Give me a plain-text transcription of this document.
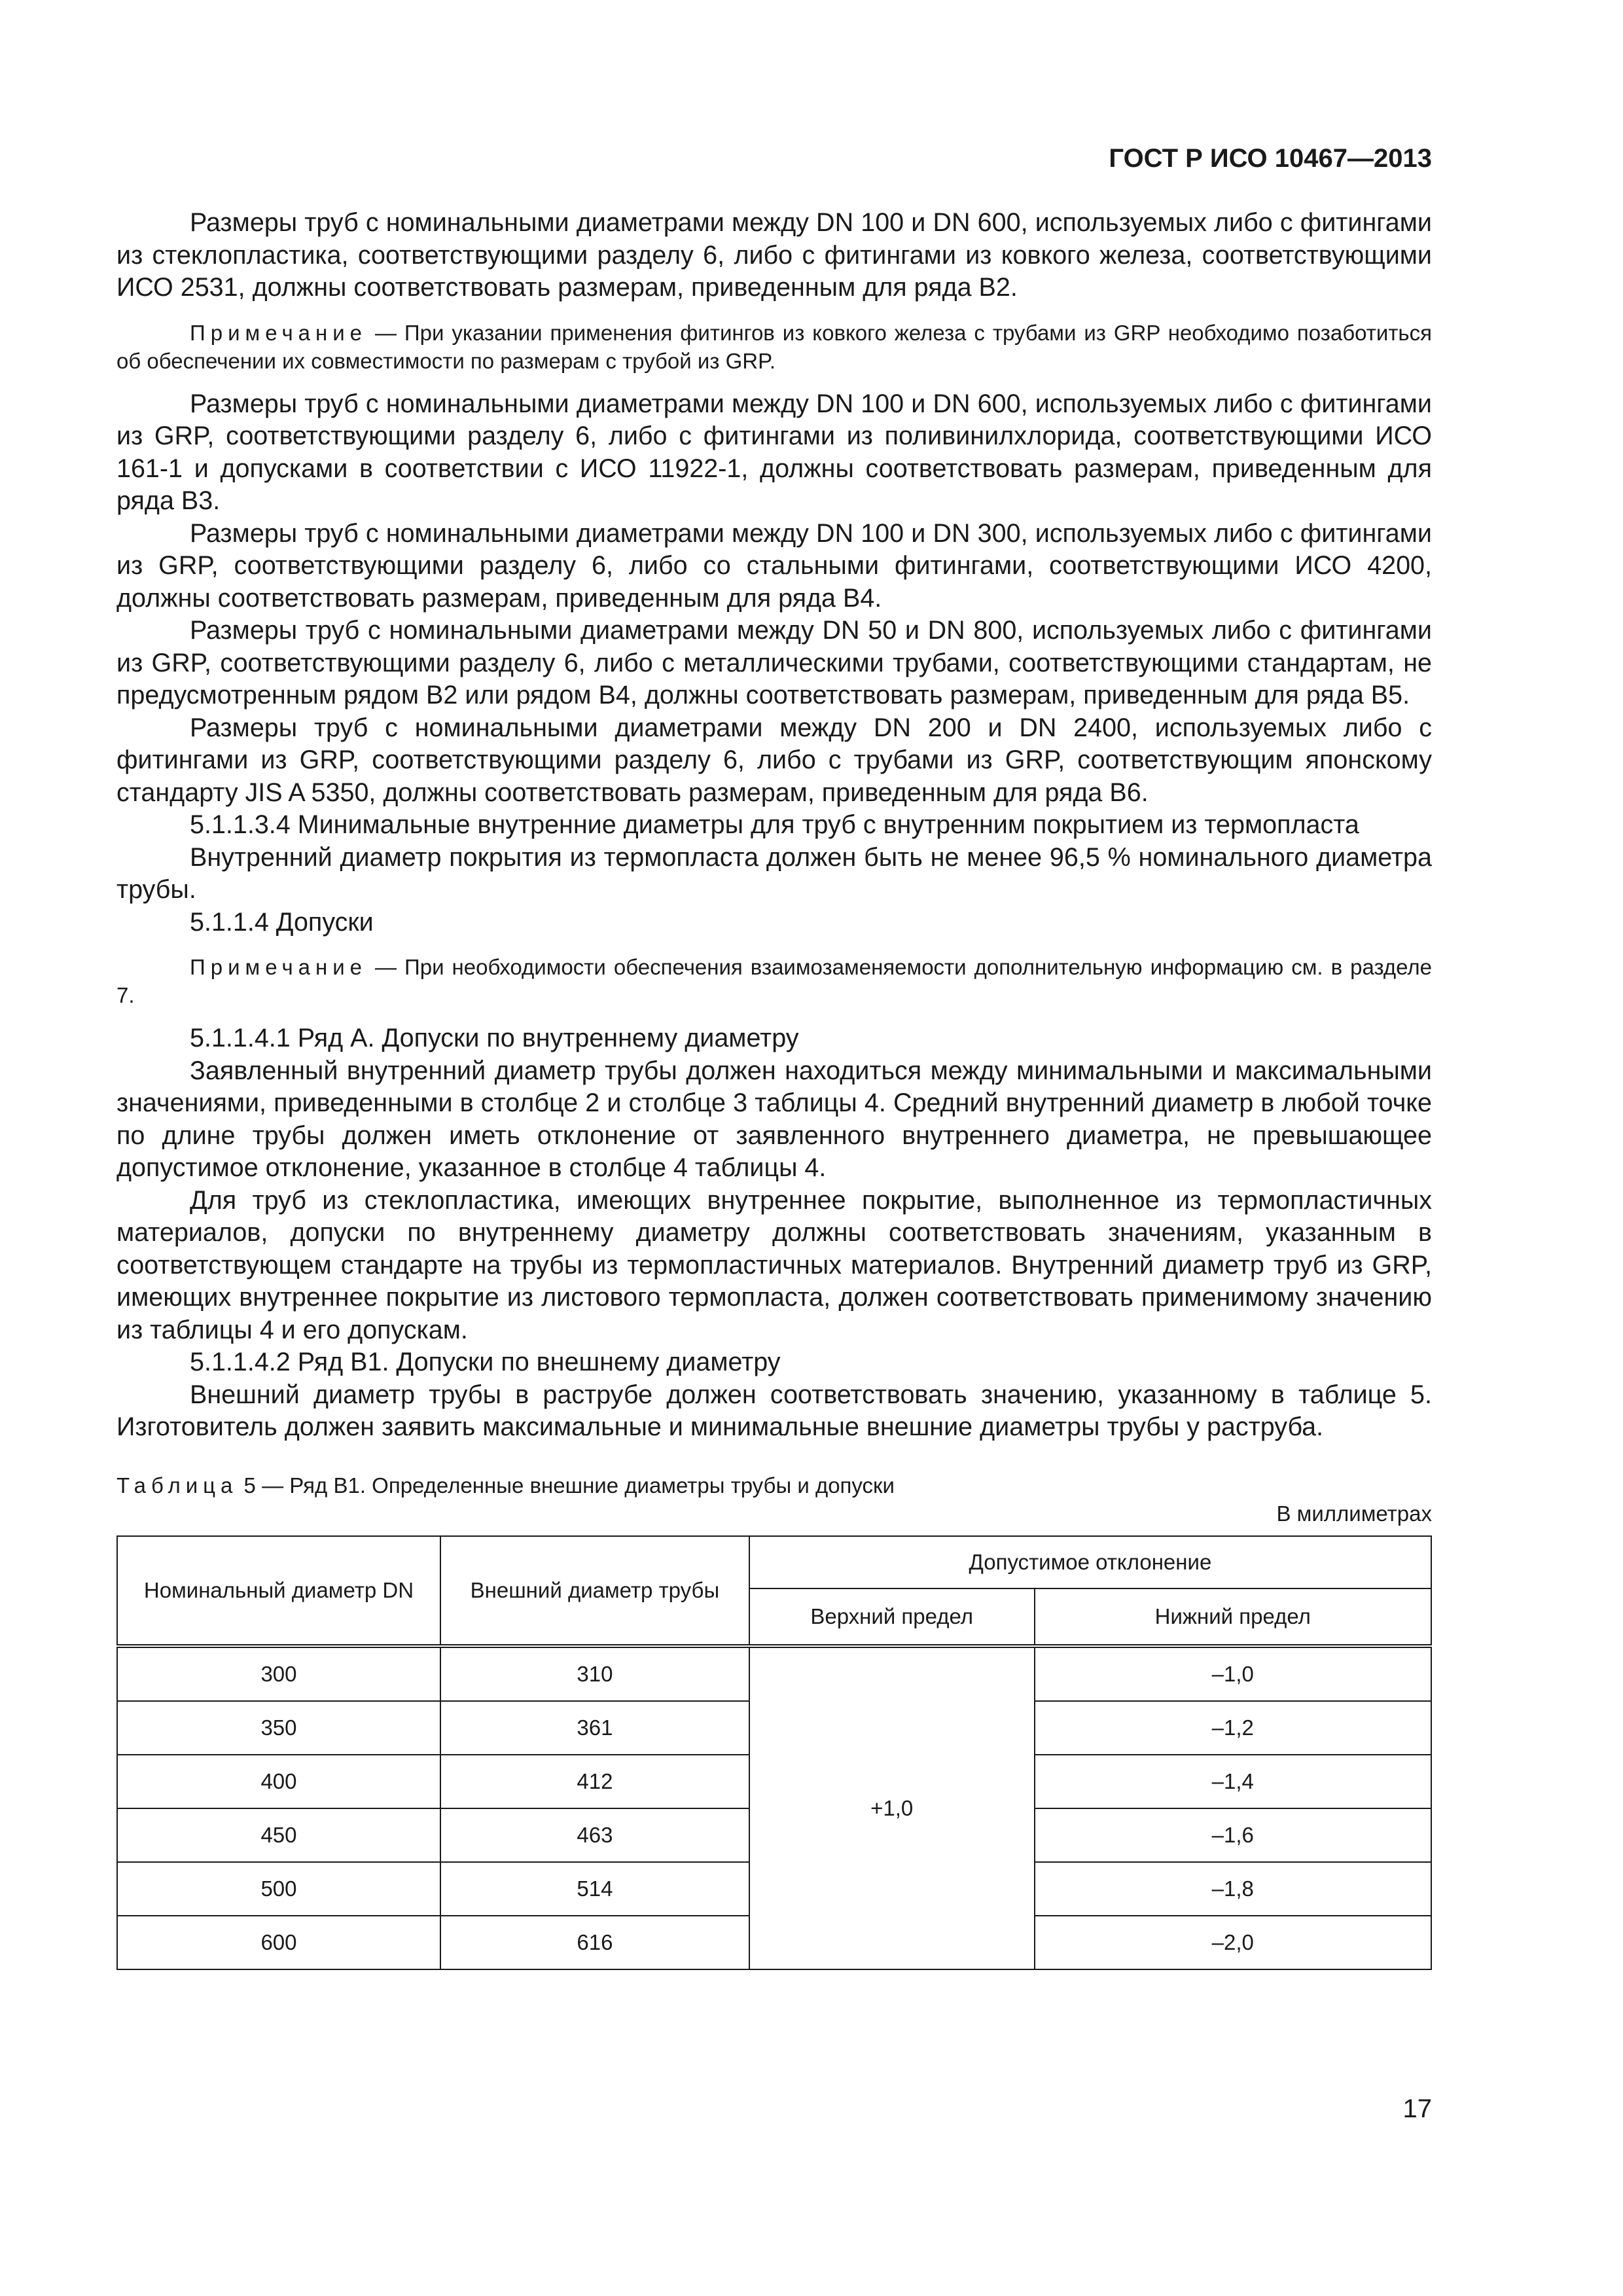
ГОСТ Р ИСО 10467—2013

Размеры труб с номинальными диаметрами между DN 100 и DN 600, используемых либо с фитингами из стеклопластика, соответствующими разделу 6, либо с фитингами из ковкого железа, соответствующими ИСО 2531, должны соответствовать размерам, приведенным для ряда В2.

Примечание — При указании применения фитингов из ковкого железа с трубами из GRP необходимо позаботиться об обеспечении их совместимости по размерам с трубой из GRP.

Размеры труб с номинальными диаметрами между DN 100 и DN 600, используемых либо с фитингами из GRP, соответствующими разделу 6, либо с фитингами из поливинилхлорида, соответствующими ИСО 161-1 и допусками в соответствии с ИСО 11922-1, должны соответствовать размерам, приведенным для ряда В3.

Размеры труб с номинальными диаметрами между DN 100 и DN 300, используемых либо с фитингами из GRP, соответствующими разделу 6, либо со стальными фитингами, соответствующими ИСО 4200, должны соответствовать размерам, приведенным для ряда В4.

Размеры труб с номинальными диаметрами между DN 50 и DN 800, используемых либо с фитингами из GRP, соответствующими разделу 6, либо с металлическими трубами, соответствующими стандартам, не предусмотренным рядом В2 или рядом В4, должны соответствовать размерам, приведенным для ряда В5.

Размеры труб с номинальными диаметрами между DN 200 и DN 2400, используемых либо с фитингами из GRP, соответствующими разделу 6, либо с трубами из GRP, соответствующим японскому стандарту JIS A 5350, должны соответствовать размерам, приведенным для ряда В6.

5.1.1.3.4 Минимальные внутренние диаметры для труб с внутренним покрытием из термопласта

Внутренний диаметр покрытия из термопласта должен быть не менее 96,5 % номинального диаметра трубы.

5.1.1.4 Допуски

Примечание — При необходимости обеспечения взаимозаменяемости дополнительную информацию см. в разделе 7.

5.1.1.4.1 Ряд А. Допуски по внутреннему диаметру

Заявленный внутренний диаметр трубы должен находиться между минимальными и максимальными значениями, приведенными в столбце 2 и столбце 3 таблицы 4. Средний внутренний диаметр в любой точке по длине трубы должен иметь отклонение от заявленного внутреннего диаметра, не превышающее допустимое отклонение, указанное в столбце 4 таблицы 4.

Для труб из стеклопластика, имеющих внутреннее покрытие, выполненное из термопластичных материалов, допуски по внутреннему диаметру должны соответствовать значениям, указанным в соответствующем стандарте на трубы из термопластичных материалов. Внутренний диаметр труб из GRP, имеющих внутреннее покрытие из листового термопласта, должен соответствовать применимому значению из таблицы 4 и его допускам.

5.1.1.4.2 Ряд В1. Допуски по внешнему диаметру

Внешний диаметр трубы в раструбе должен соответствовать значению, указанному в таблице 5. Изготовитель должен заявить максимальные и минимальные внешние диаметры трубы у раструба.

Таблица 5 — Ряд В1. Определенные внешние диаметры трубы и допуски
В миллиметрах
Номинальный диаметр DN	Внешний диаметр трубы	Допустимое отклонение	
		Верхний предел	Нижний предел
300	310	+1,0	–1,0
350	361		–1,2
400	412		–1,4
450	463		–1,6
500	514		–1,8
600	616		–2,0
17
